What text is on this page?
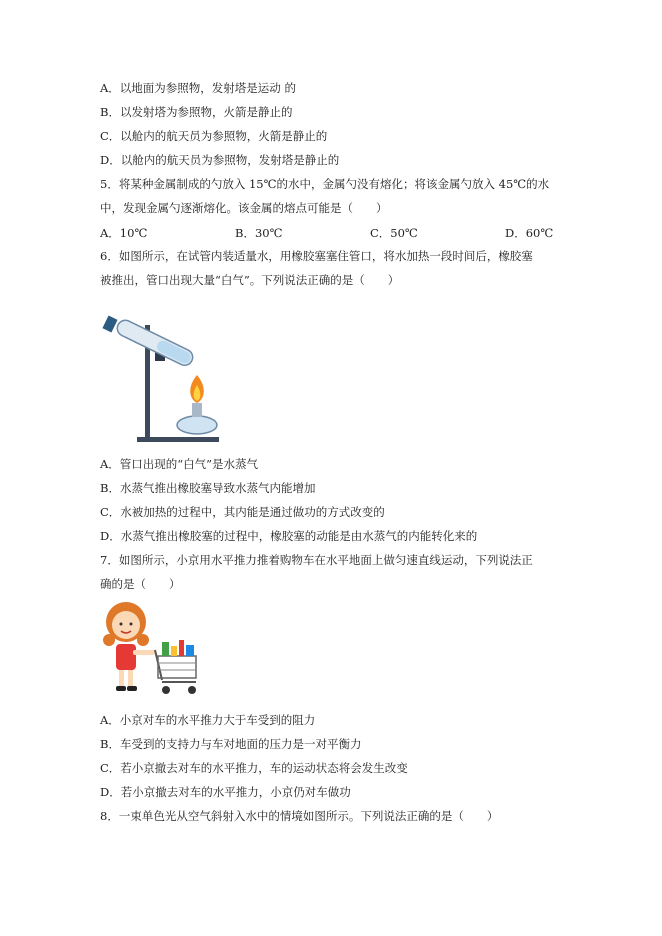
A．以地面为参照物，发射塔是运动 的
B．以发射塔为参照物，火箭是静止的
C．以舱内的航天员为参照物，火箭是静止的
D．以舱内的航天员为参照物，发射塔是静止的
5．将某种金属制成的勺放入 15℃的水中，金属勺没有熔化；将该金属勺放入 45℃的水
中，发现金属勺逐渐熔化。该金属的熔点可能是（　　）
A．10℃	B．30℃	C．50℃	D．60℃
6．如图所示，在试管内装适量水，用橡胶塞塞住管口，将水加热一段时间后，橡胶塞
被推出，管口出现大量“白气”。下列说法正确的是（　　）
A．管口出现的“白气”是水蒸气
B．水蒸气推出橡胶塞导致水蒸气内能增加
C．水被加热的过程中，其内能是通过做功的方式改变的
D．水蒸气推出橡胶塞的过程中，橡胶塞的动能是由水蒸气的内能转化来的
7．如图所示，小京用水平推力推着购物车在水平地面上做匀速直线运动，下列说法正
确的是（　　）
A．小京对车的水平推力大于车受到的阻力
B．车受到的支持力与车对地面的压力是一对平衡力
C．若小京撤去对车的水平推力，车的运动状态将会发生改变
D．若小京撤去对车的水平推力，小京仍对车做功
8．一束单色光从空气斜射入水中的情境如图所示。下列说法正确的是（　　）
